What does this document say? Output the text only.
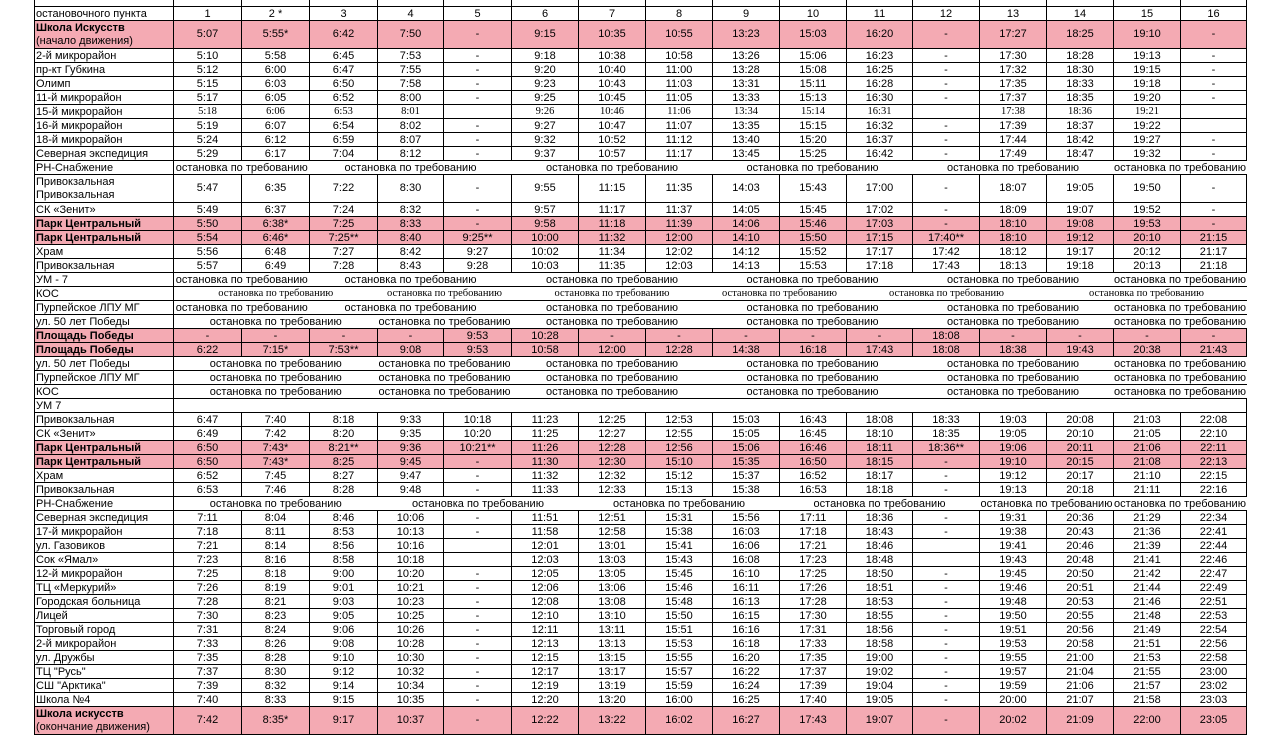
остановочного пункта	1	2 *	3	4	5	6	7	8	9	10	11	12	13	14	15	16

Школа Искусств
(начало движения)	5:07	5:55*	6:42	7:50	-	9:15	10:35	10:55	13:23	15:03	16:20	-	17:27	18:25	19:10	-

2-й микрорайон	5:10	5:58	6:45	7:53	-	9:18	10:38	10:58	13:26	15:06	16:23	-	17:30	18:28	19:13	-

пр-кт Губкина	5:12	6:00	6:47	7:55	-	9:20	10:40	11:00	13:28	15:08	16:25	-	17:32	18:30	19:15	-

Олимп	5:15	6:03	6:50	7:58	-	9:23	10:43	11:03	13:31	15:11	16:28	-	17:35	18:33	19:18	-

11-й микрорайон	5:17	6:05	6:52	8:00	-	9:25	10:45	11:05	13:33	15:13	16:30	-	17:37	18:35	19:20	-

15-й микрорайон	5:18	6:06	6:53	8:01		9:26	10:46	11:06	13:34	15:14	16:31		17:38	18:36	19:21	

16-й микрорайон	5:19	6:07	6:54	8:02	-	9:27	10:47	11:07	13:35	15:15	16:32	-	17:39	18:37	19:22	

18-й микрорайон	5:24	6:12	6:59	8:07	-	9:32	10:52	11:12	13:40	15:20	16:37	-	17:44	18:42	19:27	-

Северная экспедиция	5:29	6:17	7:04	8:12	-	9:37	10:57	11:17	13:45	15:25	16:42	-	17:49	18:47	19:32	-

РН-Снабжение	остановка по требованию		остановка по требованию			остановка по требованию			остановка по требованию			остановка по требованию			остановка по требованию	

Привокзальная
Привокзальная	5:47	6:35	7:22	8:30	-	9:55	11:15	11:35	14:03	15:43	17:00	-	18:07	19:05	19:50	-

СК «Зенит»	5:49	6:37	7:24	8:32	-	9:57	11:17	11:37	14:05	15:45	17:02	-	18:09	19:07	19:52	-

Парк Центральный	5:50	6:38*	7:25	8:33	-	9:58	11:18	11:39	14:06	15:46	17:03	-	18:10	19:08	19:53	-

Парк Центральный	5:54	6:46*	7:25**	8:40	9:25**	10:00	11:32	12:00	14:10	15:50	17:15	17:40**	18:10	19:12	20:10	21:15

Храм	5:56	6:48	7:27	8:42	9:27	10:02	11:34	12:02	14:12	15:52	17:17	17:42	18:12	19:17	20:12	21:17

Привокзальная	5:57	6:49	7:28	8:43	9:28	10:03	11:35	12:03	14:13	15:53	17:18	17:43	18:13	19:18	20:13	21:18

УМ - 7	остановка по требованию		остановка по требованию			остановка по требованию			остановка по требованию			остановка по требованию			остановка по требованию	

КОС	остановка по требованию			остановка по требованию		остановка по требованию			остановка по требованию		остановка по требованию			остановка по требованию		

Пурпейское ЛПУ МГ	остановка по требованию		остановка по требованию			остановка по требованию			остановка по требованию			остановка по требованию			остановка по требованию	

ул. 50 лет Победы	остановка по требованию			остановка по требованию		остановка по требованию			остановка по требованию			остановка по требованию			остановка по требованию	

Площадь Победы	-	-	-	-	9:53	10:28	-	-	-	-	-	18:08	-	-	-	-

Площадь Победы	6:22	7:15*	7:53**	9:08	9:53	10:58	12:00	12:28	14:38	16:18	17:43	18:08	18:38	19:43	20:38	21:43

ул. 50 лет Победы	остановка по требованию			остановка по требованию		остановка по требованию			остановка по требованию			остановка по требованию			остановка по требованию	

Пурпейское ЛПУ МГ	остановка по требованию			остановка по требованию		остановка по требованию			остановка по требованию			остановка по требованию			остановка по требованию	

КОС	остановка по требованию			остановка по требованию		остановка по требованию			остановка по требованию			остановка по требованию			остановка по требованию	

УМ 7																

Привокзальная	6:47	7:40	8:18	9:33	10:18	11:23	12:25	12:53	15:03	16:43	18:08	18:33	19:03	20:08	21:03	22:08

СК «Зенит»	6:49	7:42	8:20	9:35	10:20	11:25	12:27	12:55	15:05	16:45	18:10	18:35	19:05	20:10	21:05	22:10

Парк Центральный	6:50	7:43*	8:21**	9:36	10:21**	11:26	12:28	12:56	15:06	16:46	18:11	18:36**	19:06	20:11	21:06	22:11

Парк Центральный	6:50	7:43*	8:25	9:45	-	11:30	12:30	15:10	15:35	16:50	18:15	-	19:10	20:15	21:08	22:13

Храм	6:52	7:45	8:27	9:47	-	11:32	12:32	15:12	15:37	16:52	18:17	-	19:12	20:17	21:10	22:15

Привокзальная	6:53	7:46	8:28	9:48	-	11:33	12:33	15:13	15:38	16:53	18:18	-	19:13	20:18	21:11	22:16

РН-Снабжение	остановка по требованию			остановка по требованию			остановка по требованию			остановка по требованию			остановка по требованию		остановка по требованию	

Северная экспедиция	7:11	8:04	8:46	10:06	-	11:51	12:51	15:31	15:56	17:11	18:36	-	19:31	20:36	21:29	22:34

17-й микрорайон	7:18	8:11	8:53	10:13	-	11:58	12:58	15:38	16:03	17:18	18:43	-	19:38	20:43	21:36	22:41

ул. Газовиков	7:21	8:14	8:56	10:16		12:01	13:01	15:41	16:06	17:21	18:46		19:41	20:46	21:39	22:44

Сок «Ямал»	7:23	8:16	8:58	10:18		12:03	13:03	15:43	16:08	17:23	18:48		19:43	20:48	21:41	22:46

12-й микрорайон	7:25	8:18	9:00	10:20	-	12:05	13:05	15:45	16:10	17:25	18:50	-	19:45	20:50	21:42	22:47

ТЦ «Меркурий»	7:26	8:19	9:01	10:21	-	12:06	13:06	15:46	16:11	17:26	18:51	-	19:46	20:51	21:44	22:49

Городская больница	7:28	8:21	9:03	10:23	-	12:08	13:08	15:48	16:13	17:28	18:53	-	19:48	20:53	21:46	22:51

Лицей	7:30	8:23	9:05	10:25	-	12:10	13:10	15:50	16:15	17:30	18:55	-	19:50	20:55	21:48	22:53

Торговый город	7:31	8:24	9:06	10:26	-	12:11	13:11	15:51	16:16	17:31	18:56	-	19:51	20:56	21:49	22:54

2-й микрорайон	7:33	8:26	9:08	10:28	-	12:13	13:13	15:53	16:18	17:33	18:58	-	19:53	20:58	21:51	22:56

ул. Дружбы	7:35	8:28	9:10	10:30	-	12:15	13:15	15:55	16:20	17:35	19:00	-	19:55	21:00	21:53	22:58

ТЦ "Русь"	7:37	8:30	9:12	10:32	-	12:17	13:17	15:57	16:22	17:37	19:02	-	19:57	21:04	21:55	23:00

СШ "Арктика"	7:39	8:32	9:14	10:34	-	12:19	13:19	15:59	16:24	17:39	19:04	-	19:59	21:06	21:57	23:02

Школа №4	7:40	8:33	9:15	10:35	-	12:20	13:20	16:00	16:25	17:40	19:05	-	20:00	21:07	21:58	23:03

Школа искусств
(окончание движения)	7:42	8:35*	9:17	10:37	-	12:22	13:22	16:02	16:27	17:43	19:07	-	20:02	21:09	22:00	23:05
